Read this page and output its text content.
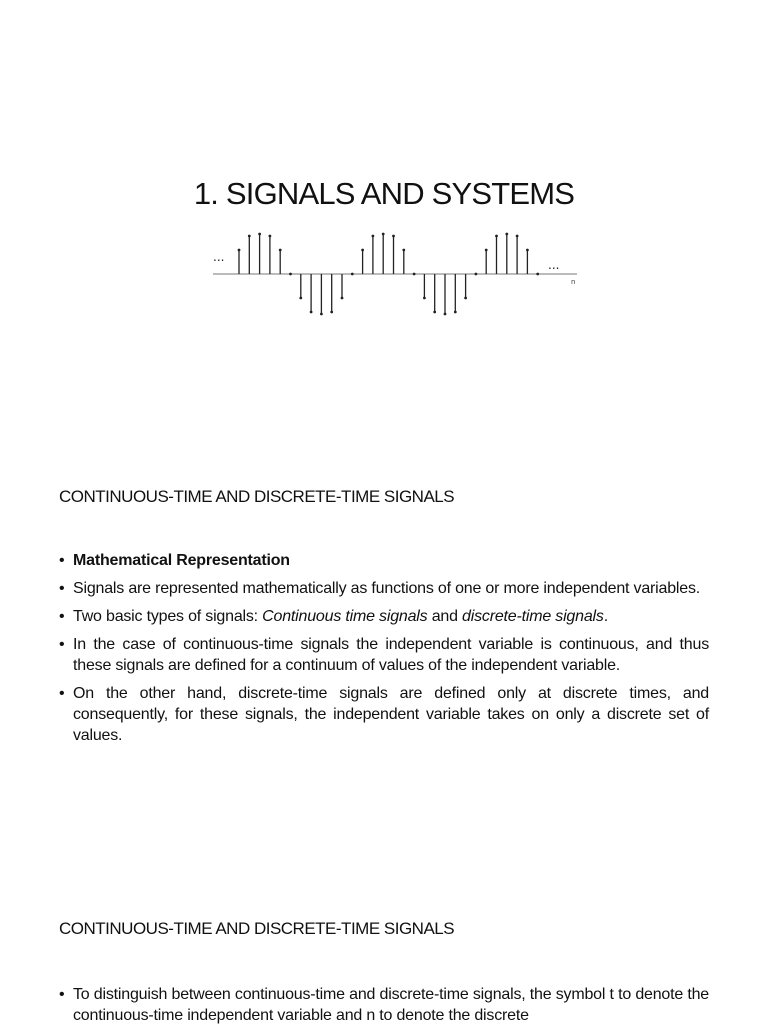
1. SIGNALS AND SYSTEMS
...
...
n
CONTINUOUS-TIME AND DISCRETE-TIME SIGNALS
• Mathematical Representation
• Signals are represented mathematically as functions of one or more independent variables.
• Two basic types of signals: Continuous time signals and discrete-time signals.
• In the case of continuous-time signals the independent variable is continuous, and thus these signals are defined for a continuum of values of the independent variable.
• On the other hand, discrete-time signals are defined only at discrete times, and consequently, for these signals, the independent variable takes on only a discrete set of values.
CONTINUOUS-TIME AND DISCRETE-TIME SIGNALS
• To distinguish between continuous-time and discrete-time signals, the symbol t to denote the continuous-time independent variable and n to denote the discrete
